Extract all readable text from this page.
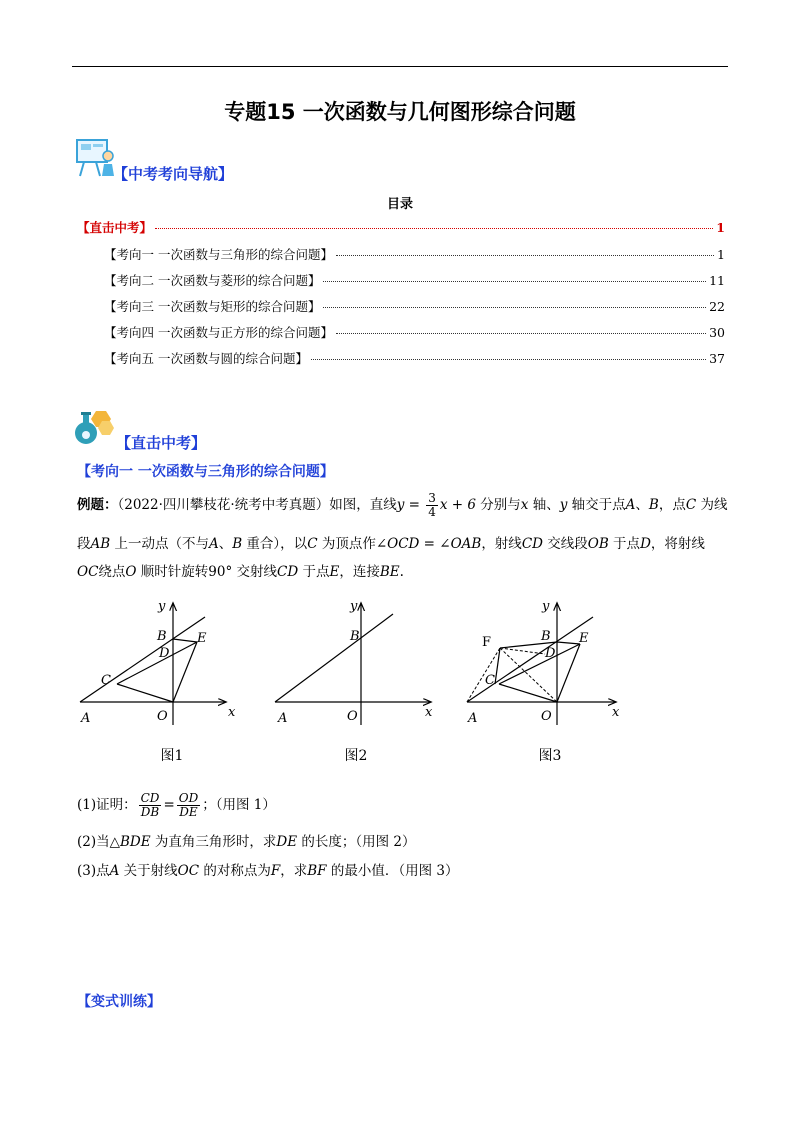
专题15 一次函数与几何图形综合问题
【中考考向导航】
目录
【直击中考】	1
【考向一 一次函数与三角形的综合问题】	1
【考向二 一次函数与菱形的综合问题】	11
【考向三 一次函数与矩形的综合问题】	22
【考向四 一次函数与正方形的综合问题】	30
【考向五 一次函数与圆的综合问题】	37
【直击中考】
【考向一 一次函数与三角形的综合问题】
例题：（2022·四川攀枝花·统考中考真题）如图，直线$y = \frac{3}{4}$ x + 6 分别与x 轴、y 轴交于点A、B，点C 为线
段AB 上一动点（不与A、B 重合），以C 为顶点作∠OCD = ∠OAB，射线CD 交线段OB 于点D，将射线
OC绕点O 顺时针旋转90° 交射线CD 于点E，连接BE.
A
B
C
D
E
O	x
y
A
B
O	x
y
A
B
C
D
E
F
O	x
y
图1	图2	图3
(1)证明： $\frac{CD}{DB} = \frac{OD}{DE}$ ；（用图 1）
(2)当△BDE 为直角三角形时，求DE 的长度；（用图 2）
(3)点A 关于射线OC 的对称点为F，求BF 的最小值．（用图 3）
【变式训练】
